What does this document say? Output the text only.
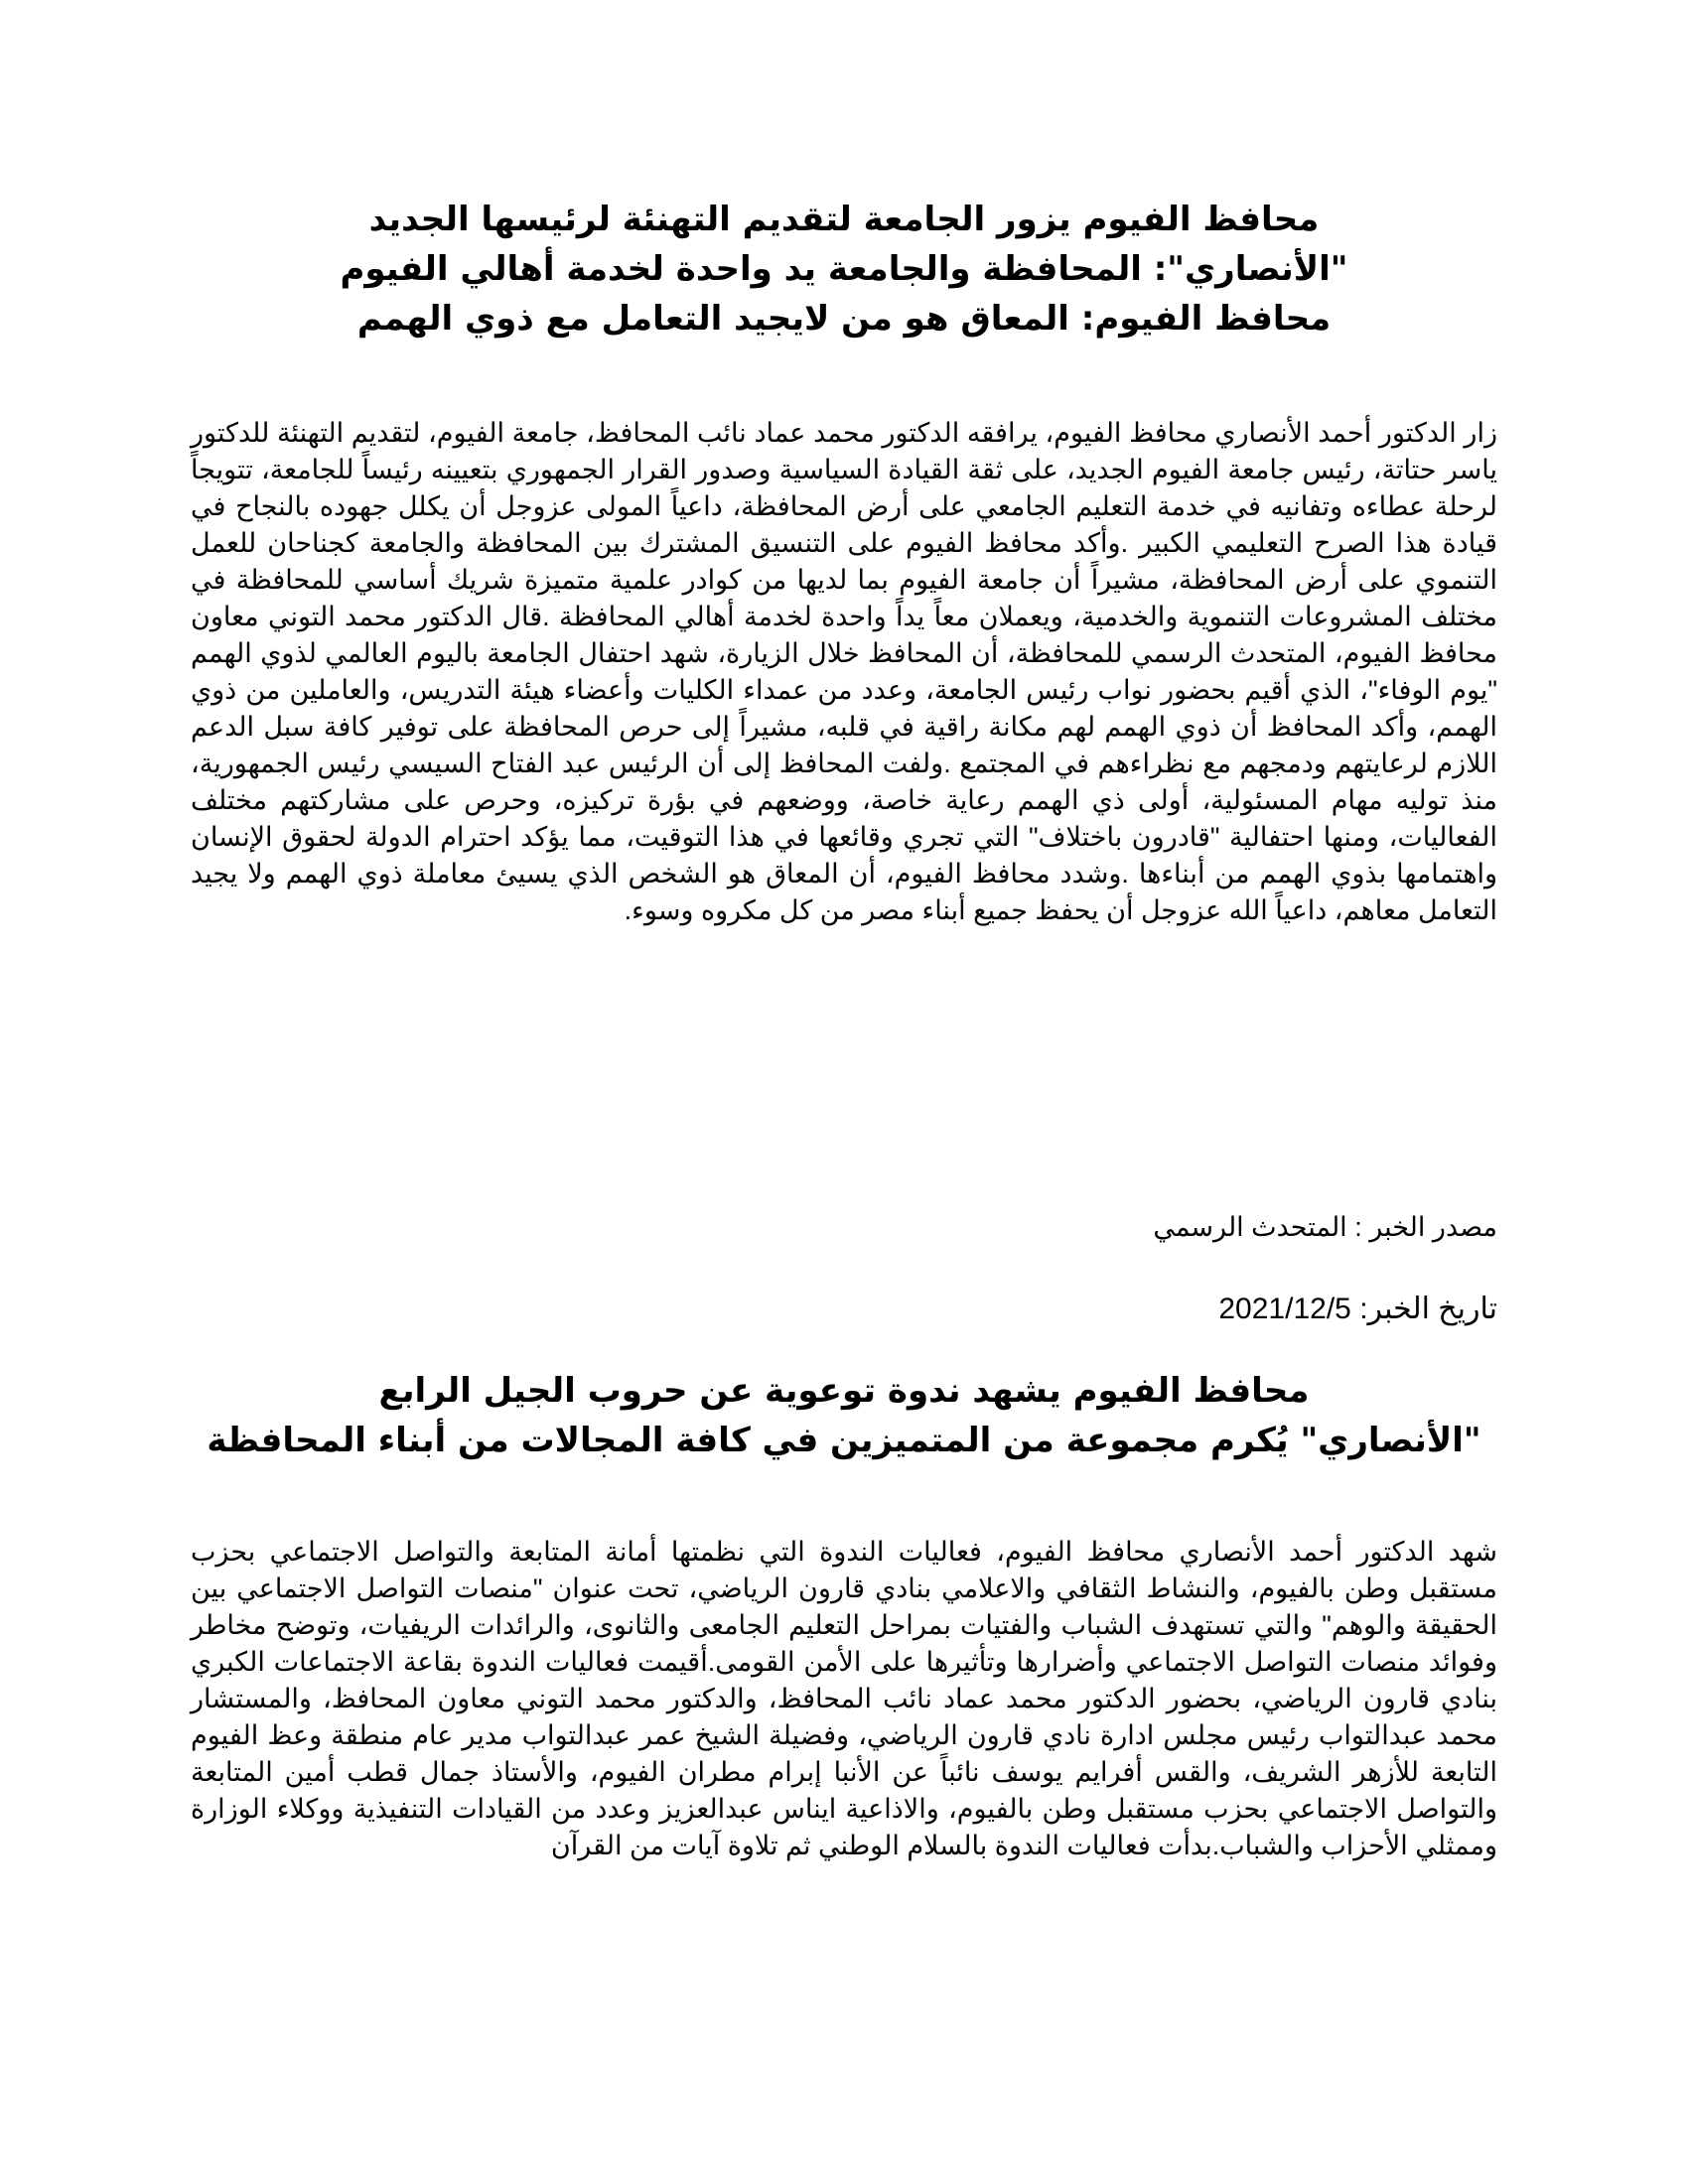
محافظ الفيوم يزور الجامعة لتقديم التهنئة لرئيسها الجديد

"الأنصاري": المحافظة والجامعة يد واحدة لخدمة أهالي الفيوم

محافظ الفيوم: المعاق هو من لايجيد التعامل مع ذوي الهمم

زار الدكتور أحمد الأنصاري محافظ الفيوم، يرافقه الدكتور محمد عماد نائب المحافظ، جامعة الفيوم، لتقديم التهنئة للدكتور ياسر حتاتة، رئيس جامعة الفيوم الجديد، على ثقة القيادة السياسية وصدور القرار الجمهوري بتعيينه رئيساً للجامعة، تتويجاً لرحلة عطاءه وتفانيه في خدمة التعليم الجامعي على أرض المحافظة، داعياً المولى عزوجل أن يكلل جهوده بالنجاح في قيادة هذا الصرح التعليمي الكبير .وأكد محافظ الفيوم على التنسيق المشترك بين المحافظة والجامعة كجناحان للعمل التنموي على أرض المحافظة، مشيراً أن جامعة الفيوم بما لديها من كوادر علمية متميزة شريك أساسي للمحافظة في مختلف المشروعات التنموية والخدمية، ويعملان معاً يداً واحدة لخدمة أهالي المحافظة .قال الدكتور محمد التوني معاون محافظ الفيوم، المتحدث الرسمي للمحافظة، أن المحافظ خلال الزيارة، شهد احتفال الجامعة باليوم العالمي لذوي الهمم "يوم الوفاء"، الذي أقيم بحضور نواب رئيس الجامعة، وعدد من عمداء الكليات وأعضاء هيئة التدريس، والعاملين من ذوي الهمم، وأكد المحافظ أن ذوي الهمم لهم مكانة راقية في قلبه، مشيراً إلى حرص المحافظة على توفير كافة سبل الدعم اللازم لرعايتهم ودمجهم مع نظراءهم في المجتمع .ولفت المحافظ إلى أن الرئيس عبد الفتاح السيسي رئيس الجمهورية، منذ توليه مهام المسئولية، أولى ذي الهمم رعاية خاصة، ووضعهم في بؤرة تركيزه، وحرص على مشاركتهم مختلف الفعاليات، ومنها احتفالية "قادرون باختلاف" التي تجري وقائعها في هذا التوقيت، مما يؤكد احترام الدولة لحقوق الإنسان واهتمامها بذوي الهمم من أبناءها .وشدد محافظ الفيوم، أن المعاق هو الشخص الذي يسيئ معاملة ذوي الهمم ولا يجيد التعامل معاهم، داعياً الله عزوجل أن يحفظ جميع أبناء مصر من كل مكروه وسوء.

مصدر الخبر : المتحدث الرسمي

تاريخ الخبر: 2021/12/5

محافظ الفيوم يشهد ندوة توعوية عن حروب الجيل الرابع

"الأنصاري" يُكرم مجموعة من المتميزين في كافة المجالات من أبناء المحافظة

شهد الدكتور أحمد الأنصاري محافظ الفيوم، فعاليات الندوة التي نظمتها أمانة المتابعة والتواصل الاجتماعي بحزب مستقبل وطن بالفيوم، والنشاط الثقافي والاعلامي بنادي قارون الرياضي، تحت عنوان "منصات التواصل الاجتماعي بين الحقيقة والوهم" والتي تستهدف الشباب والفتيات بمراحل التعليم الجامعى والثانوى، والرائدات الريفيات، وتوضح مخاطر وفوائد منصات التواصل الاجتماعي وأضرارها وتأثيرها على الأمن القومى.أقيمت فعاليات الندوة بقاعة الاجتماعات الكبري بنادي قارون الرياضي، بحضور الدكتور محمد عماد نائب المحافظ، والدكتور محمد التوني معاون المحافظ، والمستشار محمد عبدالتواب رئيس مجلس ادارة نادي قارون الرياضي، وفضيلة الشيخ عمر عبدالتواب مدير عام منطقة وعظ الفيوم التابعة للأزهر الشريف، والقس أفرايم يوسف نائباً عن الأنبا إبرام مطران الفيوم، والأستاذ جمال قطب أمين المتابعة والتواصل الاجتماعي بحزب مستقبل وطن بالفيوم، والاذاعية ايناس عبدالعزيز وعدد من القيادات التنفيذية ووكلاء الوزارة وممثلي الأحزاب والشباب.بدأت فعاليات الندوة بالسلام الوطني ثم تلاوة آيات من القرآن
